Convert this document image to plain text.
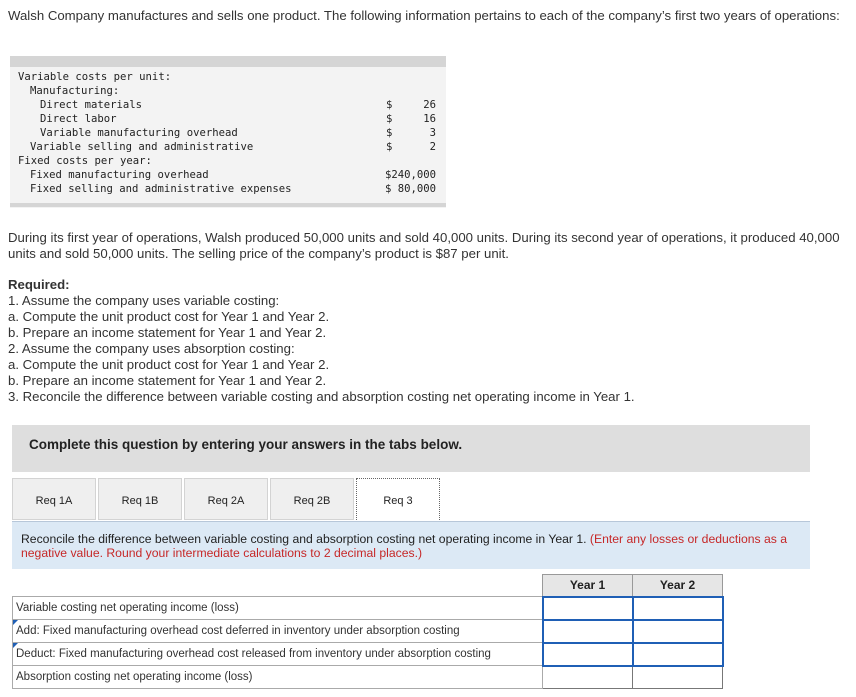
Walsh Company manufactures and sells one product. The following information pertains to each of the company’s first two years of operations:
Variable costs per unit:
Manufacturing:
Direct materials	$	26
Direct labor	$	16
Variable manufacturing overhead	$	3
Variable selling and administrative	$	2
Fixed costs per year:
Fixed manufacturing overhead	$240,000
Fixed selling and administrative expenses	$ 80,000
During its first year of operations, Walsh produced 50,000 units and sold 40,000 units. During its second year of operations, it produced 40,000 units and sold 50,000 units. The selling price of the company’s product is $87 per unit.
Required:
1. Assume the company uses variable costing:
a. Compute the unit product cost for Year 1 and Year 2.
b. Prepare an income statement for Year 1 and Year 2.
2. Assume the company uses absorption costing:
a. Compute the unit product cost for Year 1 and Year 2.
b. Prepare an income statement for Year 1 and Year 2.
3. Reconcile the difference between variable costing and absorption costing net operating income in Year 1.
Complete this question by entering your answers in the tabs below.
Req 1A	Req 1B	Req 2A	Req 2B	Req 3
Reconcile the difference between variable costing and absorption costing net operating income in Year 1. (Enter any losses or deductions as a negative value. Round your intermediate calculations to 2 decimal places.)
	Year 1	Year 2
Variable costing net operating income (loss)		

Add: Fixed manufacturing overhead cost deferred in inventory under absorption costing		

Deduct: Fixed manufacturing overhead cost released from inventory under absorption costing		
Absorption costing net operating income (loss)		
